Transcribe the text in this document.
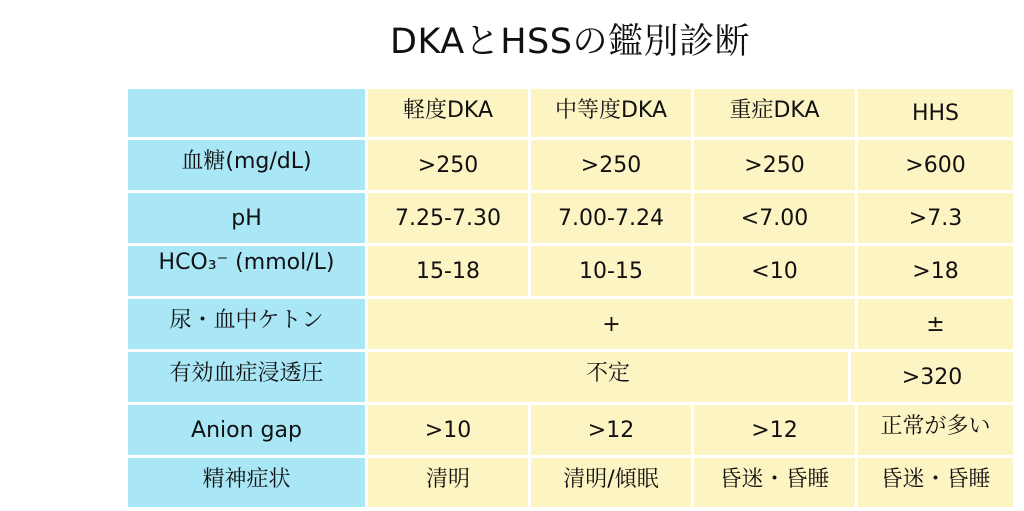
DKAとHSSの鑑別診断
軽度DKA	中等度DKA	重症DKA	HHS
血糖(mg/dL)	>250	>250	>250	>600
pH	7.25-7.30	7.00-7.24	<7.00	>7.3
HCO₃⁻ (mmol/L)	15-18	10-15	<10	>18
尿・血中ケトン	+	±
有効血症浸透圧	不定	>320
Anion gap	>10	>12	>12	正常が多い
精神症状	清明	清明/傾眠	昏迷・昏睡	昏迷・昏睡
